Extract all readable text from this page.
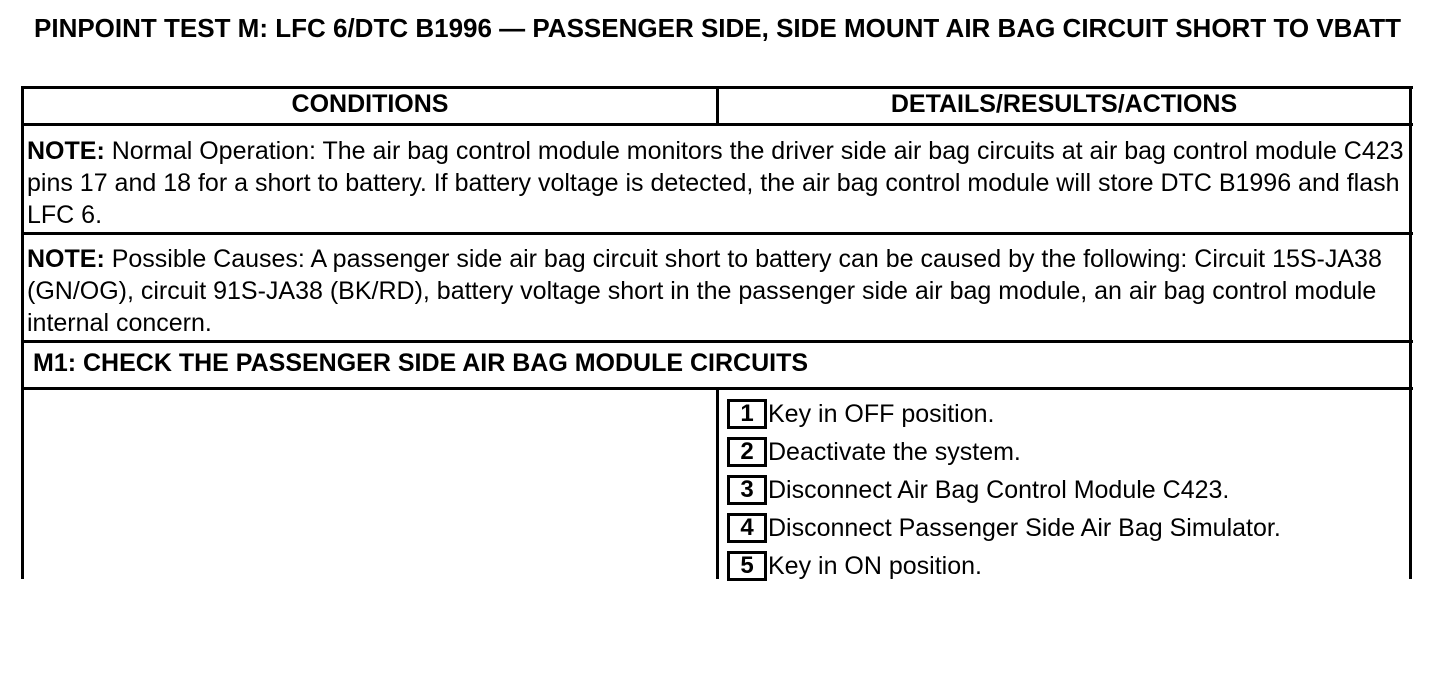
PINPOINT TEST M: LFC 6/DTC B1996 — PASSENGER SIDE, SIDE MOUNT AIR BAG CIRCUIT SHORT TO VBATT
CONDITIONS	DETAILS/RESULTS/ACTIONS
NOTE: Normal Operation: The air bag control module monitors the driver side air bag circuits at air bag control module C423 pins 17 and 18 for a short to battery. If battery voltage is detected, the air bag control module will store DTC B1996 and flash LFC 6.
NOTE: Possible Causes: A passenger side air bag circuit short to battery can be caused by the following: Circuit 15S-JA38 (GN/OG), circuit 91S-JA38 (BK/RD), battery voltage short in the passenger side air bag module, an air bag control module internal concern.
M1: CHECK THE PASSENGER SIDE AIR BAG MODULE CIRCUITS
1 Key in OFF position.
2 Deactivate the system.
3 Disconnect Air Bag Control Module C423.
4 Disconnect Passenger Side Air Bag Simulator.
5 Key in ON position.
